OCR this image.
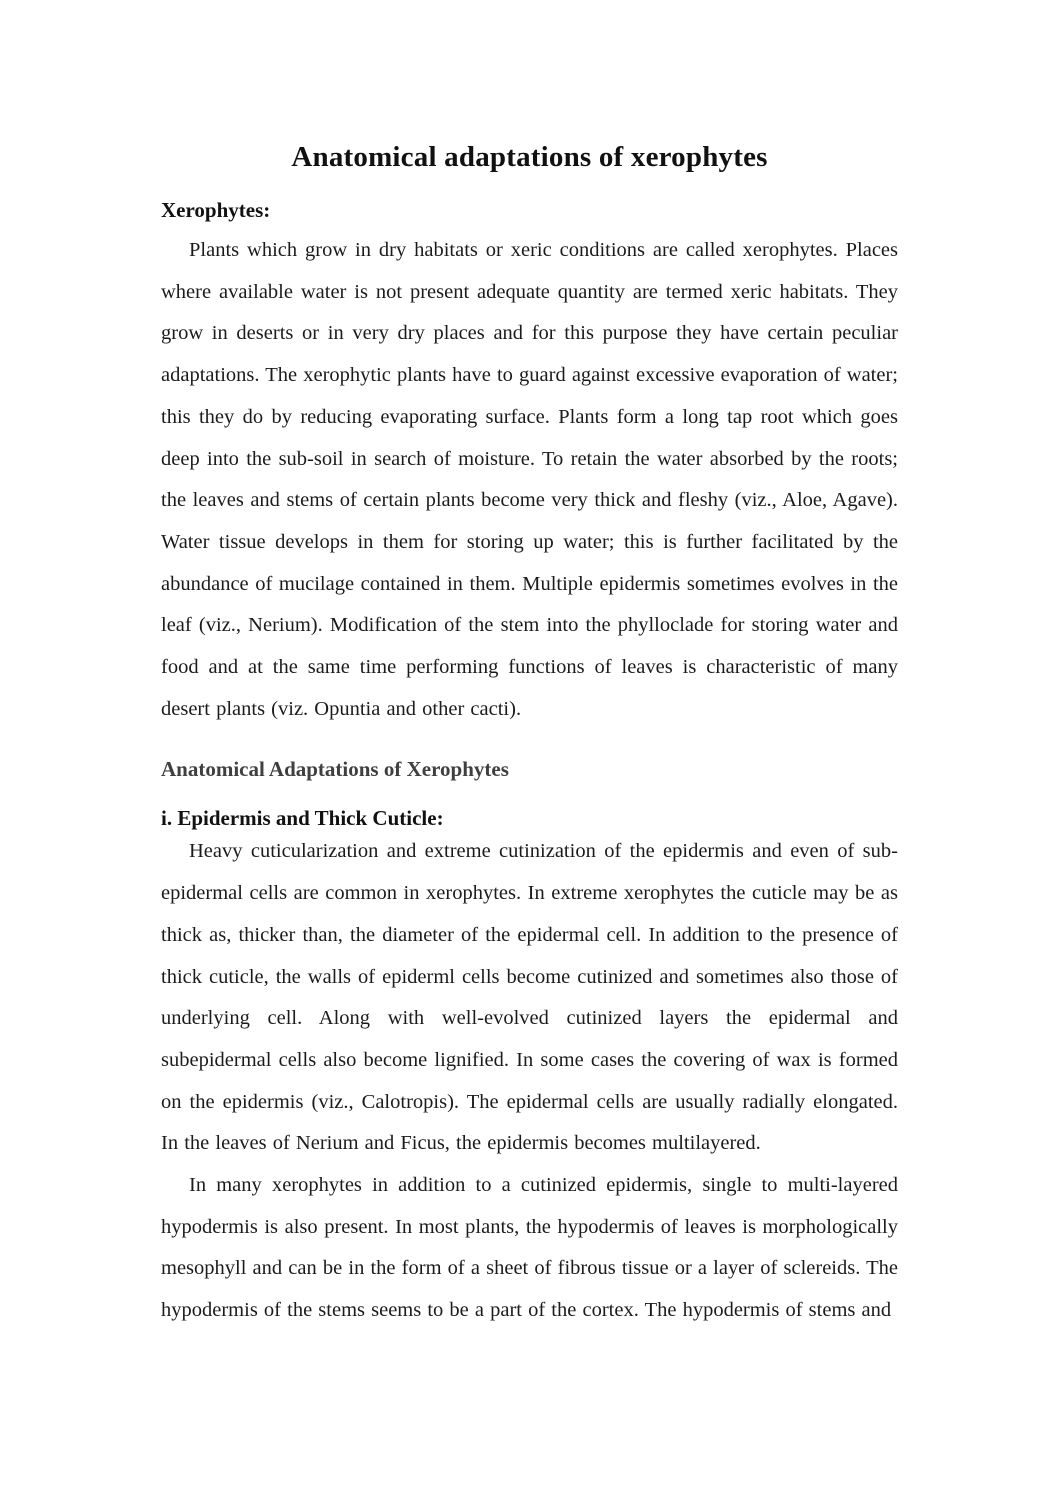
Anatomical adaptations of xerophytes
Xerophytes:

Plants which grow in dry habitats or xeric conditions are called xerophytes. Places where available water is not present adequate quantity are termed xeric habitats. They grow in deserts or in very dry places and for this purpose they have certain peculiar adaptations. The xerophytic plants have to guard against excessive evaporation of water; this they do by reducing evaporating surface. Plants form a long tap root which goes deep into the sub-soil in search of moisture. To retain the water absorbed by the roots; the leaves and stems of certain plants become very thick and fleshy (viz., Aloe, Agave). Water tissue develops in them for storing up water; this is further facilitated by the abundance of mucilage contained in them. Multiple epidermis sometimes evolves in the leaf (viz., Nerium). Modification of the stem into the phylloclade for storing water and food and at the same time performing functions of leaves is characteristic of many desert plants (viz. Opuntia and other cacti).

Anatomical Adaptations of Xerophytes
i. Epidermis and Thick Cuticle:

Heavy cuticularization and extreme cutinization of the epidermis and even of sub-epidermal cells are common in xerophytes. In extreme xerophytes the cuticle may be as thick as, thicker than, the diameter of the epidermal cell. In addition to the presence of thick cuticle, the walls of epiderml cells become cutinized and sometimes also those of underlying cell. Along with well-evolved cutinized layers the epidermal and subepidermal cells also become lignified. In some cases the covering of wax is formed on the epidermis (viz., Calotropis). The epidermal cells are usually radially elongated. In the leaves of Nerium and Ficus, the epidermis becomes multilayered.

In many xerophytes in addition to a cutinized epidermis, single to multi-layered hypodermis is also present. In most plants, the hypodermis of leaves is morphologically mesophyll and can be in the form of a sheet of fibrous tissue or a layer of sclereids. The hypodermis of the stems seems to be a part of the cortex. The hypodermis of stems and
